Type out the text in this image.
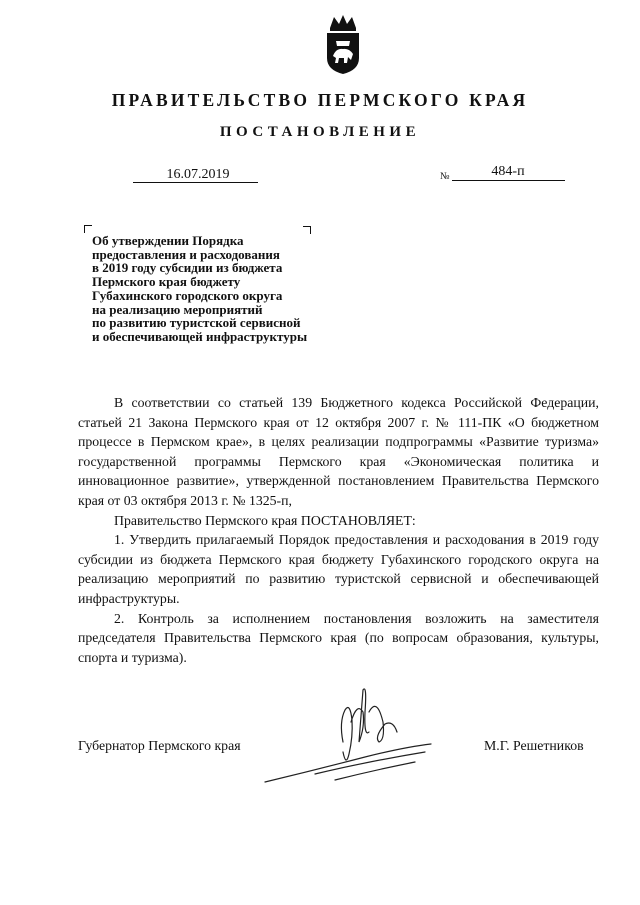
ПРАВИТЕЛЬСТВО ПЕРМСКОГО КРАЯ
ПОСТАНОВЛЕНИЕ
16.07.2019	№	484-п
Об утверждении Порядка
предоставления и расходования
в 2019 году субсидии из бюджета
Пермского края бюджету
Губахинского городского округа
на реализацию мероприятий
по развитию туристской сервисной
и обеспечивающей инфраструктуры

В соответствии со статьей 139 Бюджетного кодекса Российской Федерации, статьей 21 Закона Пермского края от 12 октября 2007 г. № 111-ПК «О бюджетном процессе в Пермском крае», в целях реализации подпрограммы «Развитие туризма» государственной программы Пермского края «Экономическая политика и инновационное развитие», утвержденной постановлением Правительства Пермского края от 03 октября 2013 г. № 1325-п,

Правительство Пермского края ПОСТАНОВЛЯЕТ:

1. Утвердить прилагаемый Порядок предоставления и расходования в 2019 году субсидии из бюджета Пермского края бюджету Губахинского городского округа на реализацию мероприятий по развитию туристской сервисной и обеспечивающей инфраструктуры.

2. Контроль за исполнением постановления возложить на заместителя председателя Правительства Пермского края (по вопросам образования, культуры, спорта и туризма).

Губернатор Пермского края	М.Г. Решетников
